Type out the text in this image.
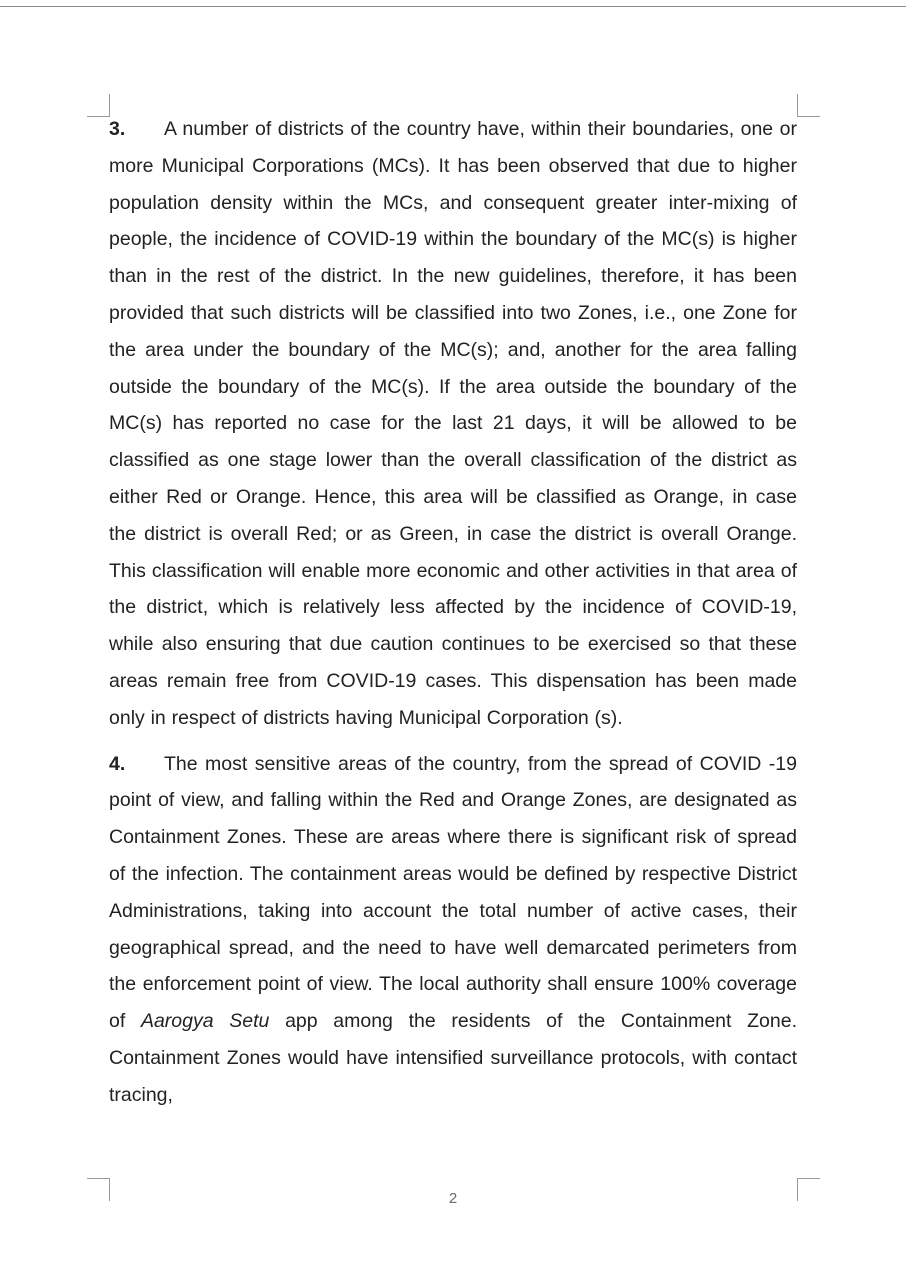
3. A number of districts of the country have, within their boundaries, one or more Municipal Corporations (MCs). It has been observed that due to higher population density within the MCs, and consequent greater inter-mixing of people, the incidence of COVID-19 within the boundary of the MC(s) is higher than in the rest of the district. In the new guidelines, therefore, it has been provided that such districts will be classified into two Zones, i.e., one Zone for the area under the boundary of the MC(s); and, another for the area falling outside the boundary of the MC(s). If the area outside the boundary of the MC(s) has reported no case for the last 21 days, it will be allowed to be classified as one stage lower than the overall classification of the district as either Red or Orange. Hence, this area will be classified as Orange, in case the district is overall Red; or as Green, in case the district is overall Orange. This classification will enable more economic and other activities in that area of the district, which is relatively less affected by the incidence of COVID-19, while also ensuring that due caution continues to be exercised so that these areas remain free from COVID-19 cases. This dispensation has been made only in respect of districts having Municipal Corporation (s).

4. The most sensitive areas of the country, from the spread of COVID -19 point of view, and falling within the Red and Orange Zones, are designated as Containment Zones. These are areas where there is significant risk of spread of the infection. The containment areas would be defined by respective District Administrations, taking into account the total number of active cases, their geographical spread, and the need to have well demarcated perimeters from the enforcement point of view. The local authority shall ensure 100% coverage of Aarogya Setu app among the residents of the Containment Zone. Containment Zones would have intensified surveillance protocols, with contact tracing,

2
